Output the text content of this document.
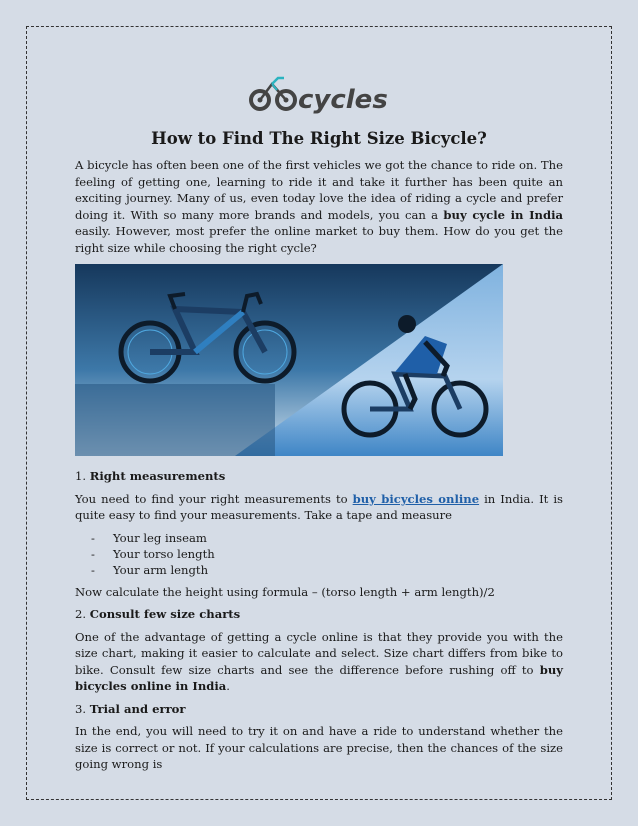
cycles
How to Find The Right Size Bicycle?

A bicycle has often been one of the first vehicles we got the chance to ride on. The feeling of getting one, learning to ride it and take it further has been quite an exciting journey. Many of us, even today love the idea of riding a cycle and prefer doing it. With so many more brands and models, you can a buy cycle in India easily. However, most prefer the online market to buy them. How do you get the right size while choosing the right cycle?

1. Right measurements

You need to find your right measurements to buy bicycles online in India. It is quite easy to find your measurements. Take a tape and measure

- Your leg inseam
- Your torso length
- Your arm length

Now calculate the height using formula – (torso length + arm length)/2

2. Consult few size charts

One of the advantage of getting a cycle online is that they provide you with the size chart, making it easier to calculate and select. Size chart differs from bike to bike. Consult few size charts and see the difference before rushing off to buy bicycles online in India.

3. Trial and error

In the end, you will need to try it on and have a ride to understand whether the size is correct or not. If your calculations are precise, then the chances of the size going wrong is
